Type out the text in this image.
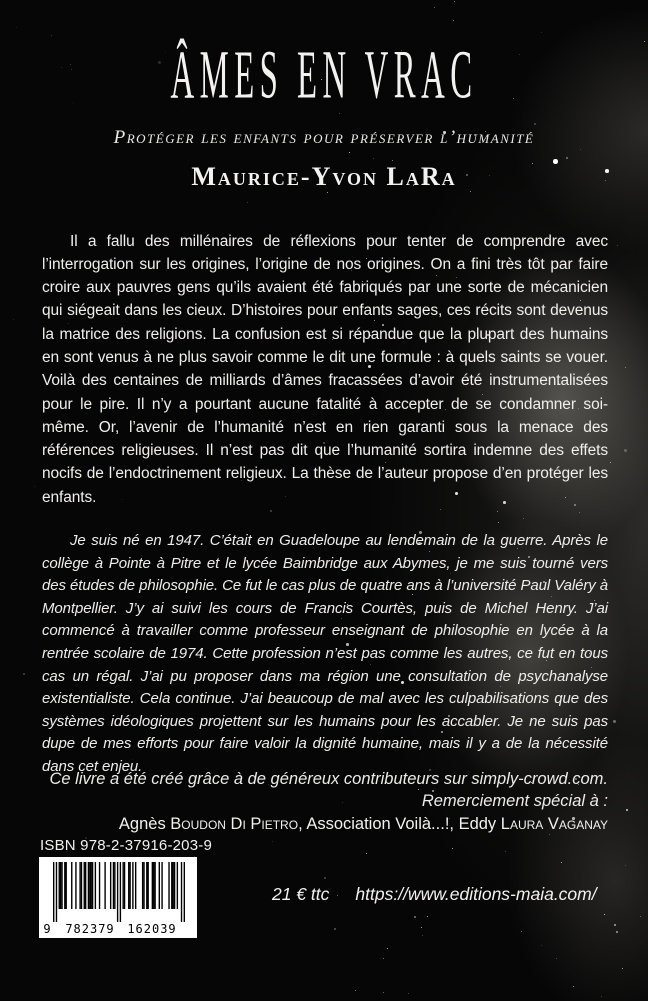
ÂMES EN VRAC
Protéger les enfants pour préserver l’humanité
Maurice-Yvon LaRa

Il a fallu des millénaires de réflexions pour tenter de comprendre avec l’interrogation sur les origines, l’origine de nos origines. On a fini très tôt par faire croire aux pauvres gens qu’ils avaient été fabriqués par une sorte de mécanicien qui siégeait dans les cieux. D’histoires pour enfants sages, ces récits sont devenus la matrice des religions. La confusion est si répandue que la plupart des humains en sont venus à ne plus savoir comme le dit une formule : à quels saints se vouer. Voilà des centaines de milliards d’âmes fracassées d’avoir été instrumentalisées pour le pire. Il n’y a pourtant aucune fatalité à accepter de se condamner soi-même. Or, l’avenir de l’humanité n’est en rien garanti sous la menace des références religieuses. Il n’est pas dit que l’humanité sortira indemne des effets nocifs de l’endoctrinement religieux. La thèse de l’auteur propose d’en protéger les enfants.

Je suis né en 1947. C’était en Guadeloupe au lendemain de la guerre. Après le collège à Pointe à Pitre et le lycée Baimbridge aux Abymes, je me suis tourné vers des études de philosophie. Ce fut le cas plus de quatre ans à l’université Paul Valéry à Montpellier. J’y ai suivi les cours de Francis Courtès, puis de Michel Henry. J’ai commencé à travailler comme professeur enseignant de philosophie en lycée à la rentrée scolaire de 1974. Cette profession n’est pas comme les autres, ce fut en tous cas un régal. J’ai pu proposer dans ma région une consultation de psychanalyse existentialiste. Cela continue. J’ai beaucoup de mal avec les culpabilisations que des systèmes idéologiques projettent sur les humains pour les accabler. Je ne suis pas dupe de mes efforts pour faire valoir la dignité humaine, mais il y a de la nécessité dans cet enjeu.

Ce livre a été créé grâce à de généreux contributeurs sur simply-crowd.com.
Remerciement spécial à :
Agnès Boudon Di Pietro, Association Voilà...!, Eddy Laura Vaganay
ISBN 978-2-37916-203-9
9 782379 162039
21 € ttc https://www.editions-maia.com/
